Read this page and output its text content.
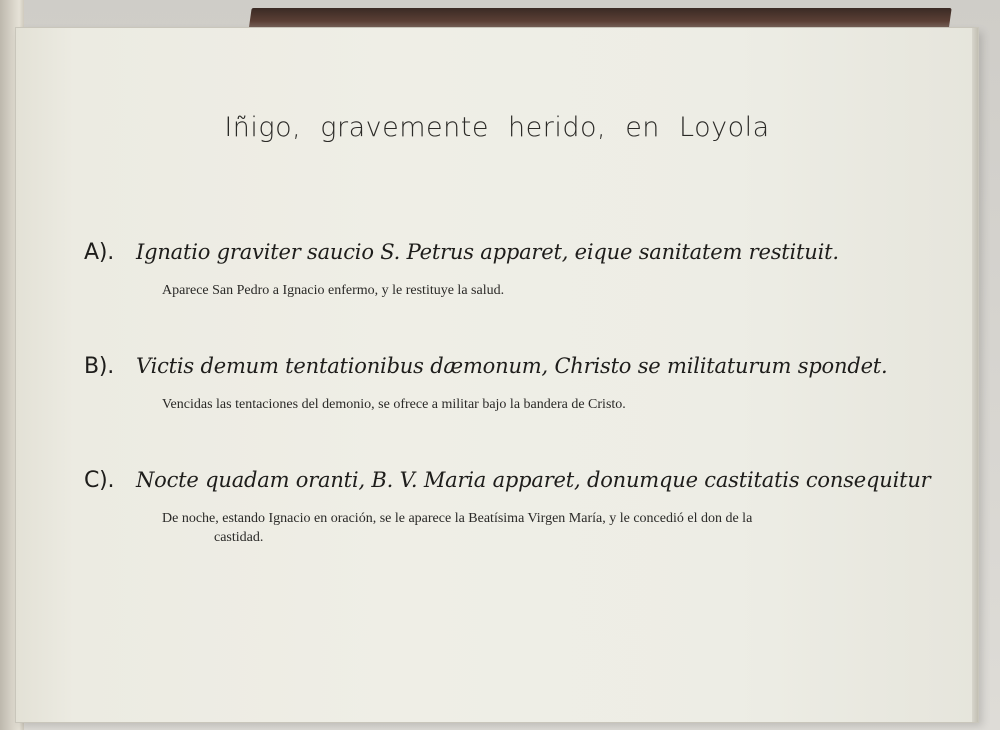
Iñigo, gravemente herido, en Loyola
A). Ignatio graviter saucio S. Petrus apparet, eique sanitatem restituit.
Aparece San Pedro a Ignacio enfermo, y le restituye la salud.
B). Victis demum tentationibus dæmonum, Christo se militaturum spondet.
Vencidas las tentaciones del demonio, se ofrece a militar bajo la bandera de Cristo.
C). Nocte quadam oranti, B. V. Maria apparet, donumque castitatis consequitur
De noche, estando Ignacio en oración, se le aparece la Beatísima Virgen María, y le concedió el don de la
castidad.
